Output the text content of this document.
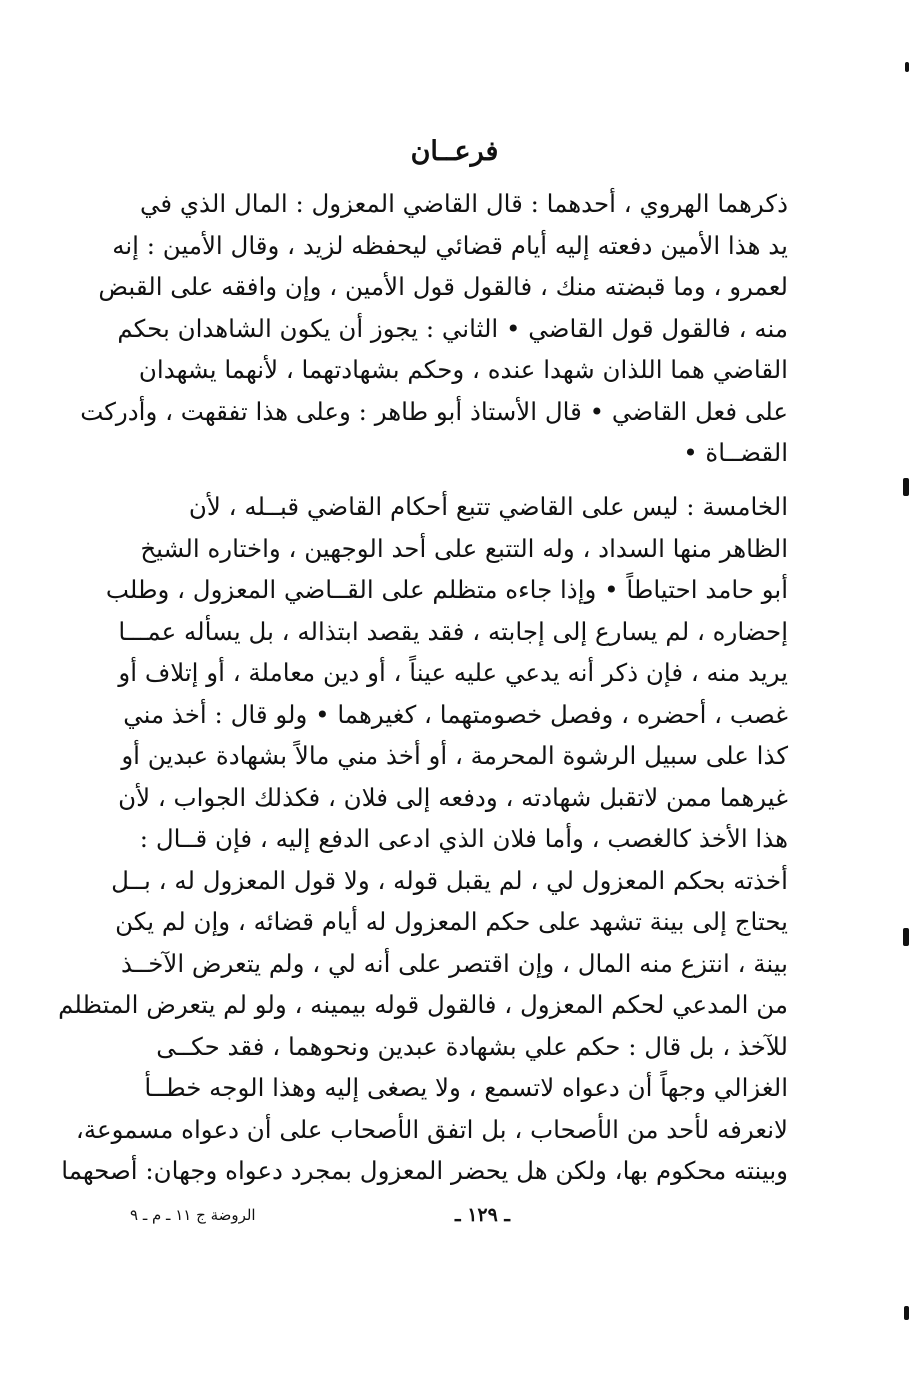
فرعــان
ذكرهما الهروي ، أحدهما : قال القاضي المعزول : المال الذي في
يد هذا الأمين دفعته إليه أيام قضائي ليحفظه لزيد ، وقال الأمين : إنه
لعمرو ، وما قبضته منك ، فالقول قول الأمين ، وإن وافقه على القبض
منه ، فالقول قول القاضي • الثاني : يجوز أن يكون الشاهدان بحكم
القاضي هما اللذان شهدا عنده ، وحكم بشهادتهما ، لأنهما يشهدان
على فعل القاضي • قال الأستاذ أبو طاهر : وعلى هذا تفقهت ، وأدركت
القضــاة •
الخامسة : ليس على القاضي تتبع أحكام القاضي قبــله ، لأن
الظاهر منها السداد ، وله التتبع على أحد الوجهين ، واختاره الشيخ
أبو حامد احتياطاً • وإذا جاءه متظلم على القــاضي المعزول ، وطلب
إحضاره ، لم يسارع إلى إجابته ، فقد يقصد ابتذاله ، بل يسأله عمـــا
يريد منه ، فإن ذكر أنه يدعي عليه عيناً ، أو دين معاملة ، أو إتلاف أو
غصب ، أحضره ، وفصل خصومتهما ، كغيرهما • ولو قال : أخذ مني
كذا على سبيل الرشوة المحرمة ، أو أخذ مني مالاً بشهادة عبدين أو
غيرهما ممن لاتقبل شهادته ، ودفعه إلى فلان ، فكذلك الجواب ، لأن
هذا الأخذ كالغصب ، وأما فلان الذي ادعى الدفع إليه ، فإن قــال :
أخذته بحكم المعزول لي ، لم يقبل قوله ، ولا قول المعزول له ، بــل
يحتاج إلى بينة تشهد على حكم المعزول له أيام قضائه ، وإن لم يكن
بينة ، انتزع منه المال ، وإن اقتصر على أنه لي ، ولم يتعرض الآخــذ
من المدعي لحكم المعزول ، فالقول قوله بيمينه ، ولو لم يتعرض المتظلم
للآخذ ، بل قال : حكم علي بشهادة عبدين ونحوهما ، فقد حكــى
الغزالي وجهاً أن دعواه لاتسمع ، ولا يصغى إليه وهذا الوجه خطــأ
لانعرفه لأحد من الأصحاب ، بل اتفق الأصحاب على أن دعواه مسموعة،
وبينته محكوم بها، ولكن هل يحضر المعزول بمجرد دعواه وجهان: أصحهما
ـ ١٢٩ ـ
الروضة ج ١١ ـ م ـ ٩
